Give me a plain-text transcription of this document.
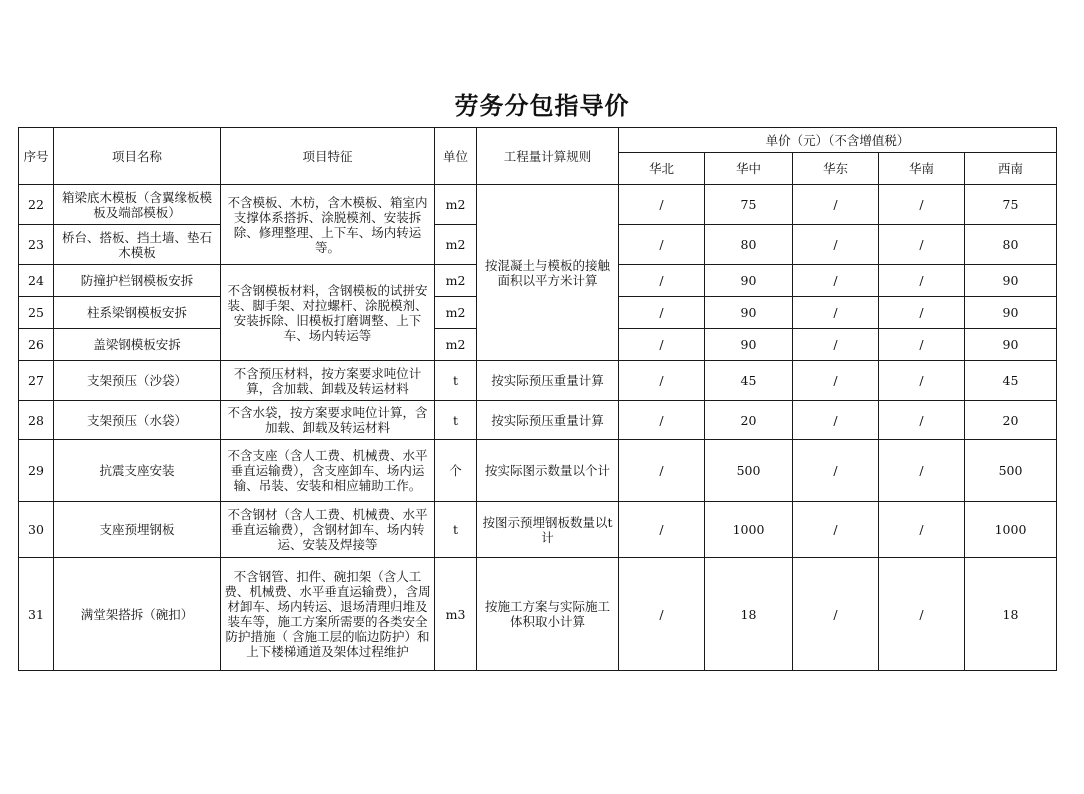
劳务分包指导价
序号	项目名称	项目特征	单位	工程量计算规则	单价（元）（不含增值税）				
					华北	华中	华东	华南	西南
22	箱梁底木模板（含翼缘板模板及端部模板）	不含模板、木枋，含木模板、箱室内支撑体系搭拆、涂脱模剂、安装拆除、修理整理、上下车、场内转运等。	m2	按混凝土与模板的接触面积以平方米计算	/	75	/	/	75
23	桥台、搭板、挡土墙、垫石木模板		m2		/	80	/	/	80
24	防撞护栏钢模板安拆	不含钢模板材料，含钢模板的试拼安装、脚手架、对拉螺杆、涂脱模剂、安装拆除、旧模板打磨调整、上下车、场内转运等	m2		/	90	/	/	90
25	柱系梁钢模板安拆		m2		/	90	/	/	90
26	盖梁钢模板安拆		m2		/	90	/	/	90
27	支架预压（沙袋）	不含预压材料，按方案要求吨位计算，含加载、卸载及转运材料	t	按实际预压重量计算	/	45	/	/	45
28	支架预压（水袋）	不含水袋，按方案要求吨位计算，含加载、卸载及转运材料	t	按实际预压重量计算	/	20	/	/	20
29	抗震支座安装	不含支座（含人工费、机械费、水平垂直运输费），含支座卸车、场内运输、吊装、安装和相应辅助工作。	个	按实际图示数量以个计	/	500	/	/	500
30	支座预埋钢板	不含钢材（含人工费、机械费、水平垂直运输费），含钢材卸车、场内转运、安装及焊接等	t	按图示预埋钢板数量以t计	/	1000	/	/	1000
31	满堂架搭拆（碗扣）	不含钢管、扣件、碗扣架（含人工费、机械费、水平垂直运输费），含周材卸车、场内转运、退场清理归堆及装车等，施工方案所需要的各类安全防护措施（ 含施工层的临边防护）和上下楼梯通道及架体过程维护	m3	按施工方案与实际施工体积取小计算	/	18	/	/	18
